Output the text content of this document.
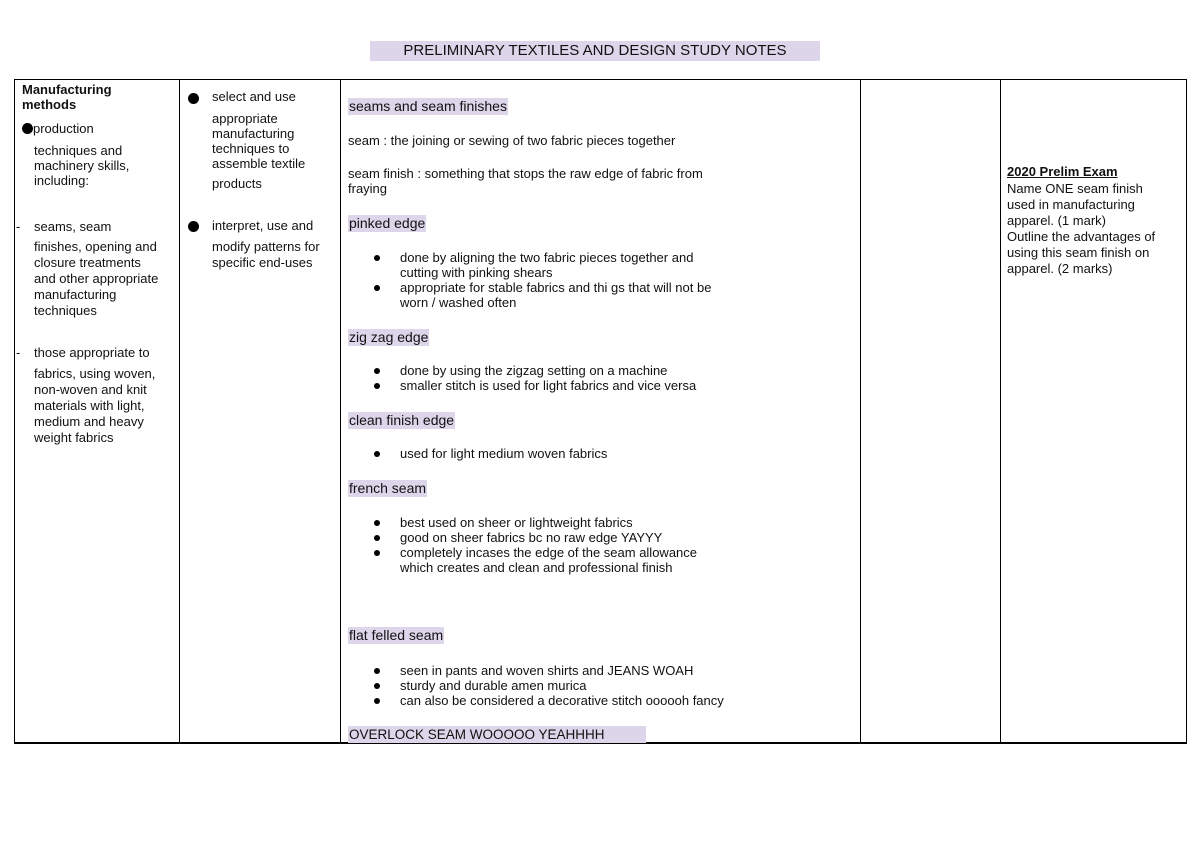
PRELIMINARY TEXTILES AND DESIGN STUDY NOTES
Manufacturing
methods
production
techniques and
machinery skills,
including:
- seams, seam
finishes, opening and
closure treatments
and other appropriate
manufacturing
techniques
- those appropriate to
fabrics, using woven,
non-woven and knit
materials with light,
medium and heavy
weight fabrics
select and use
appropriate
manufacturing
techniques to
assemble textile
products
interpret, use and
modify patterns for
specific end-uses
seams and seam finishes
seam : the joining or sewing of two fabric pieces together
seam finish : something that stops the raw edge of fabric from
fraying
pinked edge
done by aligning the two fabric pieces together and
cutting with pinking shears
appropriate for stable fabrics and thi gs that will not be
worn / washed often
zig zag edge
done by using the zigzag setting on a machine
smaller stitch is used for light fabrics and vice versa
clean finish edge
used for light medium woven fabrics
french seam
best used on sheer or lightweight fabrics
good on sheer fabrics bc no raw edge YAYYY
completely incases the edge of the seam allowance
which creates and clean and professional finish
flat felled seam
seen in pants and woven shirts and JEANS WOAH
sturdy and durable amen murica
can also be considered a decorative stitch oooooh fancy
OVERLOCK SEAM WOOOOO YEAHHHH
2020 Prelim Exam
Name ONE seam finish
used in manufacturing
apparel. (1 mark)
Outline the advantages of
using this seam finish on
apparel. (2 marks)
